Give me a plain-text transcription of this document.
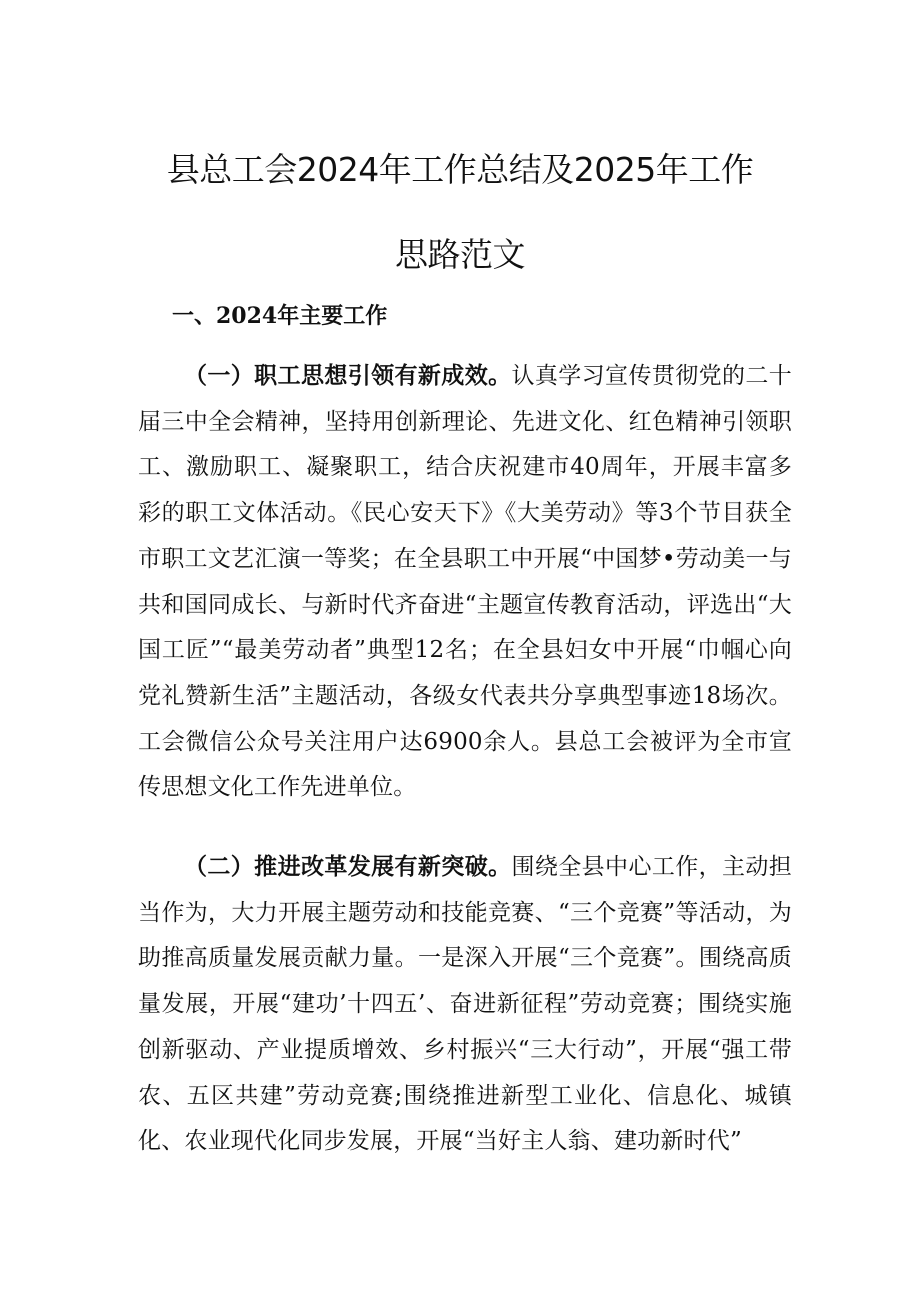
县总工会2024年工作总结及2025年工作
思路范文
一、2024年主要工作

（一）职工思想引领有新成效。认真学习宣传贯彻党的二十届三中全会精神，坚持用创新理论、先进文化、红色精神引领职工、激励职工、凝聚职工，结合庆祝建市40周年，开展丰富多彩的职工文体活动。《民心安天下》《大美劳动》等3个节目获全市职工文艺汇演一等奖；在全县职工中开展“中国梦•劳动美一与共和国同成长、与新时代齐奋进“主题宣传教育活动，评选出“大国工匠”“最美劳动者”典型12名；在全县妇女中开展“巾帼心向党礼赞新生活”主题活动，各级女代表共分享典型事迹18场次。工会微信公众号关注用户达6900余人。县总工会被评为全市宣传思想文化工作先进单位。

（二）推进改革发展有新突破。围绕全县中心工作，主动担当作为，大力开展主题劳动和技能竞赛、“三个竞赛”等活动，为助推高质量发展贡献力量。一是深入开展“三个竞赛”。围绕高质量发展，开展“建功’十四五’、奋进新征程”劳动竞赛；围绕实施创新驱动、产业提质增效、乡村振兴“三大行动”，开展“强工带农、五区共建”劳动竞赛;围绕推进新型工业化、信息化、城镇化、农业现代化同步发展，开展“当好主人翁、建功新时代”
